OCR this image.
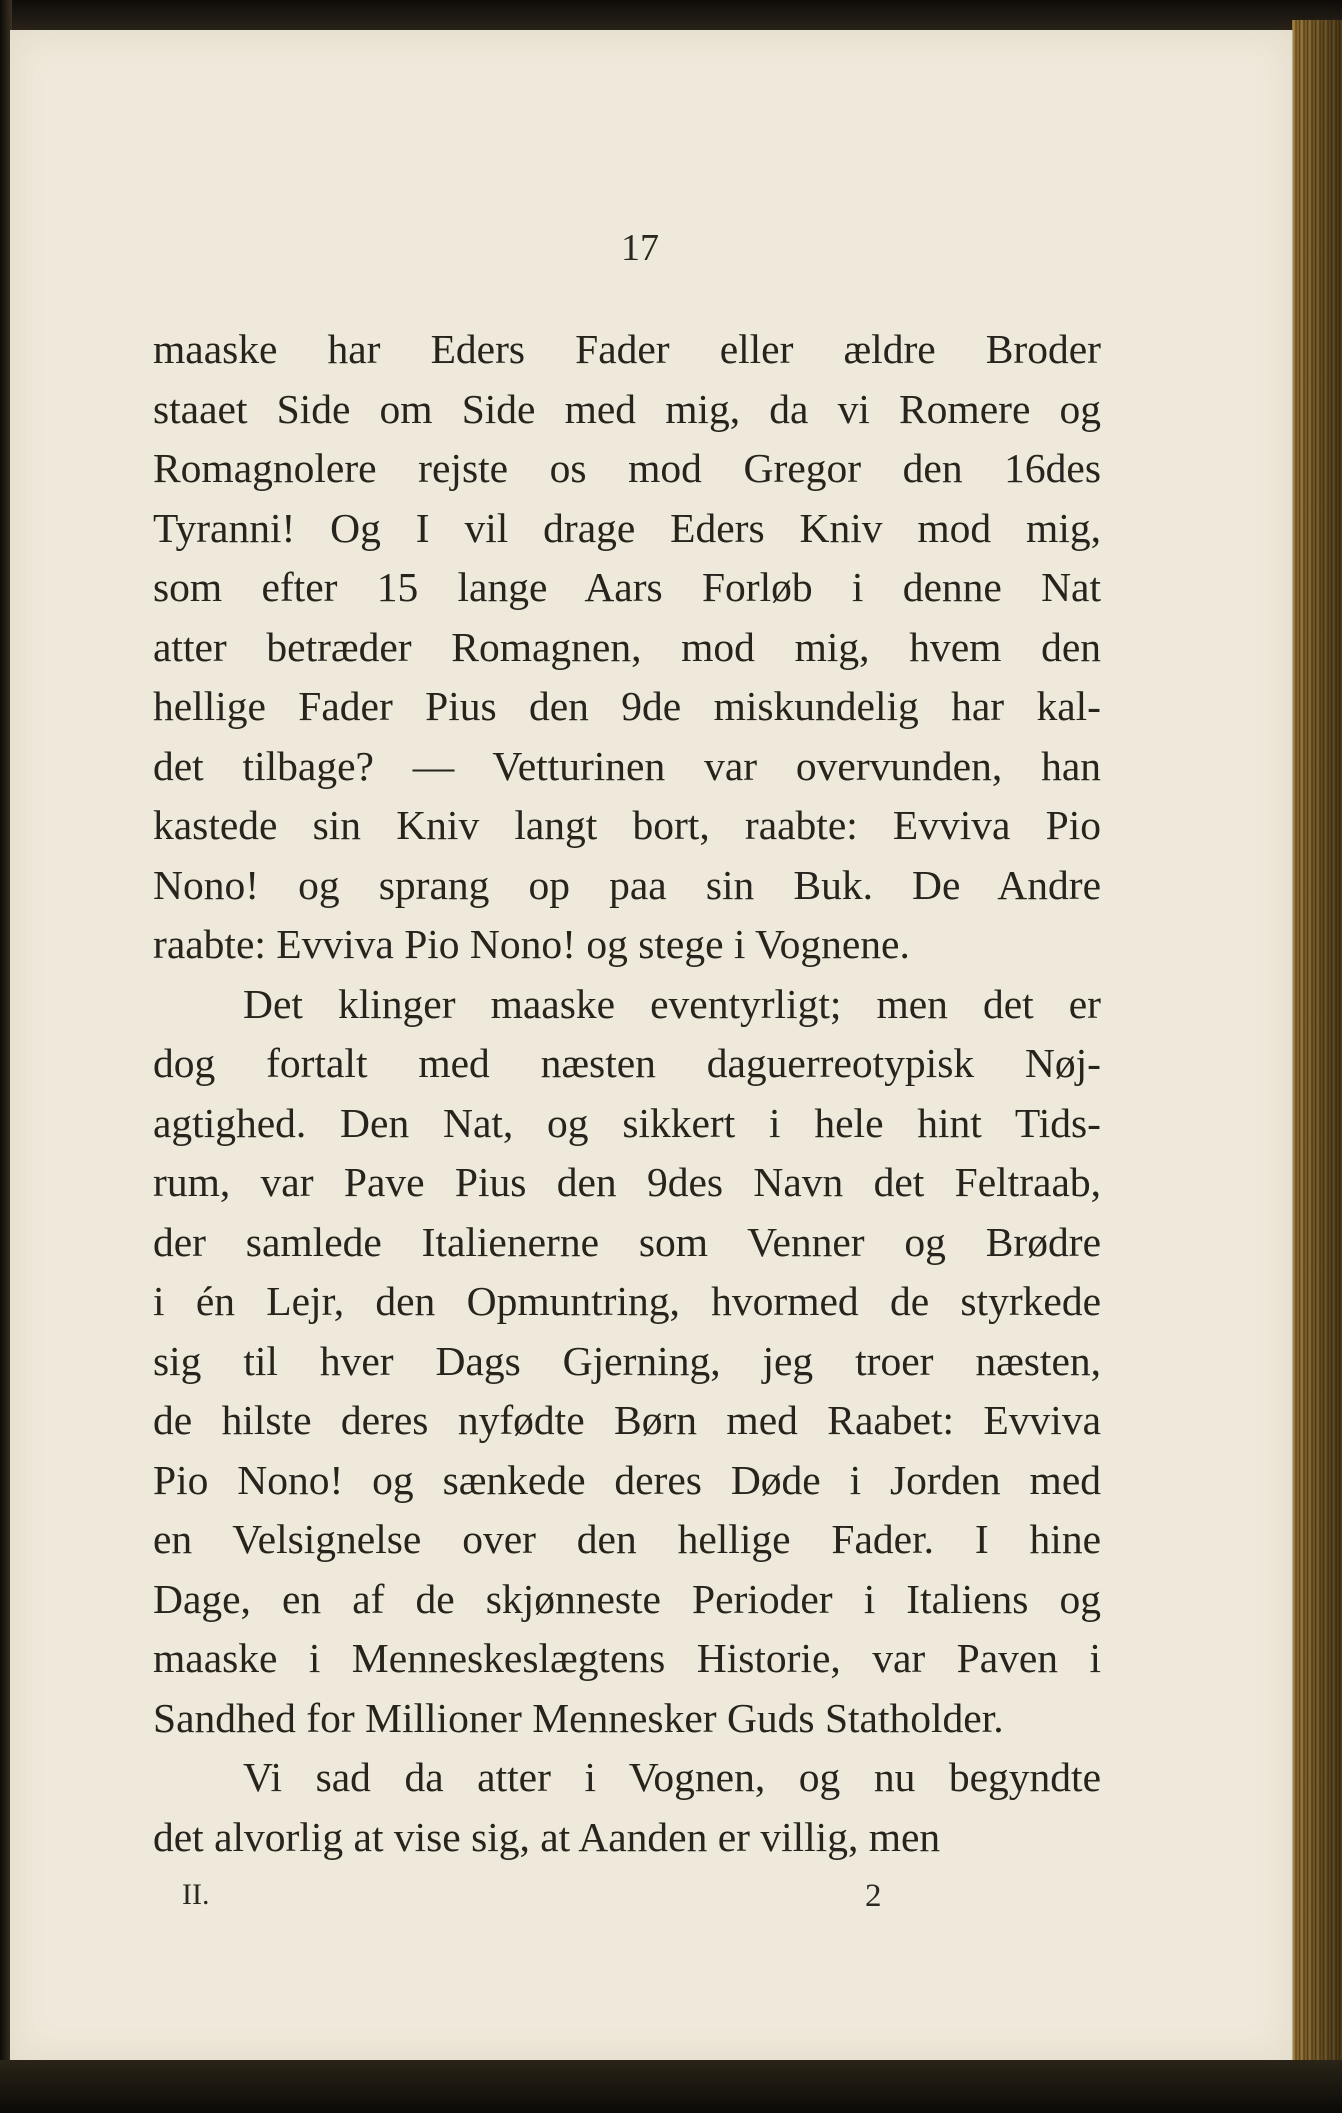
17
maaske har Eders Fader eller ældre Broder
staaet Side om Side med mig, da vi Romere og
Romagnolere rejste os mod Gregor den 16des
Tyranni! Og I vil drage Eders Kniv mod mig,
som efter 15 lange Aars Forløb i denne Nat
atter betræder Romagnen, mod mig, hvem den
hellige Fader Pius den 9de miskundelig har kal-
det tilbage? — Vetturinen var overvunden, han
kastede sin Kniv langt bort, raabte: Evviva Pio
Nono! og sprang op paa sin Buk. De Andre
raabte: Evviva Pio Nono! og stege i Vognene.
Det klinger maaske eventyrligt; men det er
dog fortalt med næsten daguerreotypisk Nøj-
agtighed. Den Nat, og sikkert i hele hint Tids-
rum, var Pave Pius den 9des Navn det Feltraab,
der samlede Italienerne som Venner og Brødre
i én Lejr, den Opmuntring, hvormed de styrkede
sig til hver Dags Gjerning, jeg troer næsten,
de hilste deres nyfødte Børn med Raabet: Evviva
Pio Nono! og sænkede deres Døde i Jorden med
en Velsignelse over den hellige Fader. I hine
Dage, en af de skjønneste Perioder i Italiens og
maaske i Menneskeslægtens Historie, var Paven i
Sandhed for Millioner Mennesker Guds Statholder.
Vi sad da atter i Vognen, og nu begyndte
det alvorlig at vise sig, at Aanden er villig, men
II.	2
